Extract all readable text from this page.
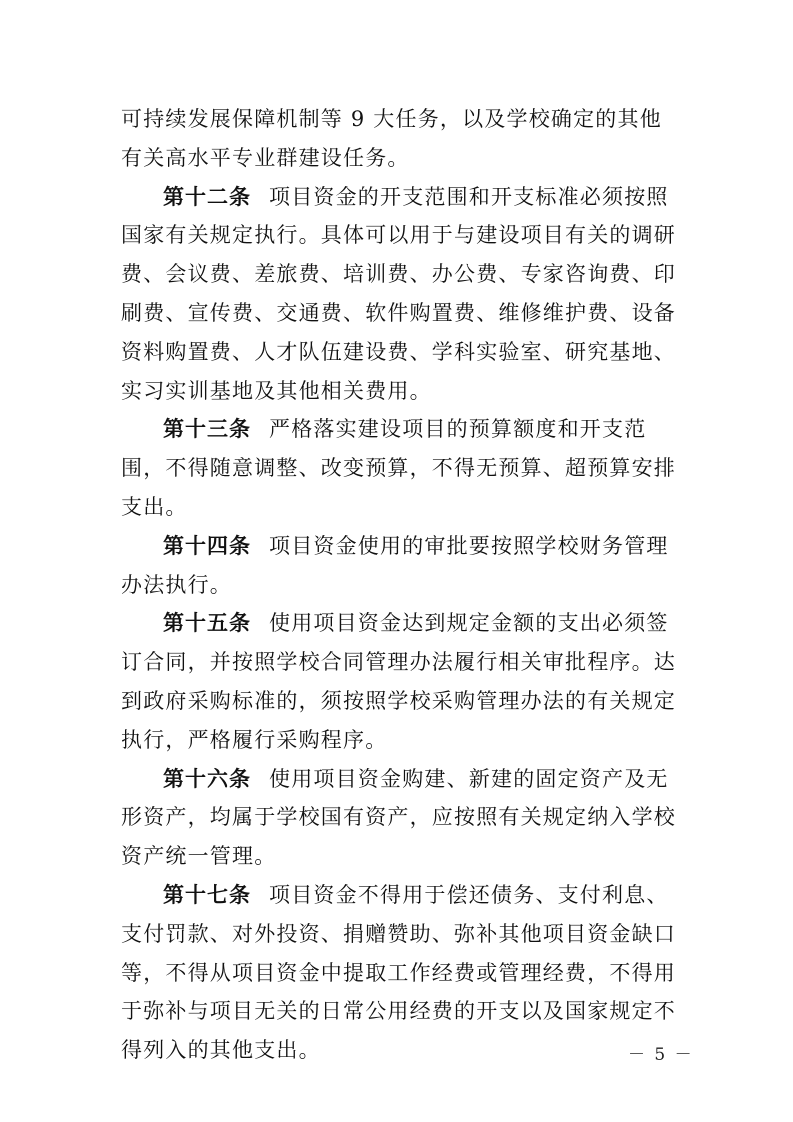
可持续发展保障机制等 9 大任务，以及学校确定的其他有关高水平专业群建设任务。

第十二条 项目资金的开支范围和开支标准必须按照国家有关规定执行。具体可以用于与建设项目有关的调研费、会议费、差旅费、培训费、办公费、专家咨询费、印刷费、宣传费、交通费、软件购置费、维修维护费、设备资料购置费、人才队伍建设费、学科实验室、研究基地、实习实训基地及其他相关费用。

第十三条 严格落实建设项目的预算额度和开支范围，不得随意调整、改变预算，不得无预算、超预算安排支出。

第十四条 项目资金使用的审批要按照学校财务管理办法执行。

第十五条 使用项目资金达到规定金额的支出必须签订合同，并按照学校合同管理办法履行相关审批程序。达到政府采购标准的，须按照学校采购管理办法的有关规定执行，严格履行采购程序。

第十六条 使用项目资金购建、新建的固定资产及无形资产，均属于学校国有资产，应按照有关规定纳入学校资产统一管理。

第十七条 项目资金不得用于偿还债务、支付利息、支付罚款、对外投资、捐赠赞助、弥补其他项目资金缺口等，不得从项目资金中提取工作经费或管理经费，不得用于弥补与项目无关的日常公用经费的开支以及国家规定不得列入的其他支出。	－ 5 －
